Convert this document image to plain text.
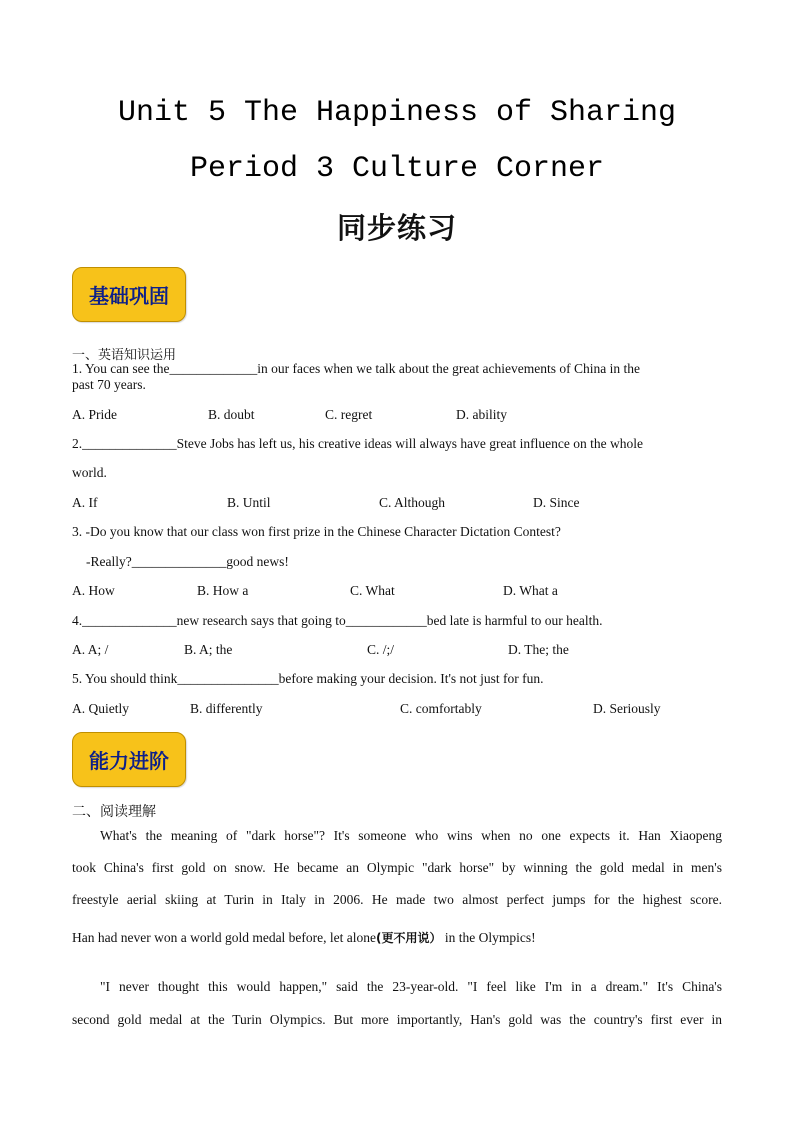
Unit 5 The Happiness of Sharing
Period 3 Culture Corner
同步练习
基础巩固
一、英语知识运用
1. You can see the_____________in our faces when we talk about the great achievements of China in the
past 70 years.
A. Pride	B. doubt	C. regret	D. ability
2.______________Steve Jobs has left us, his creative ideas will always have great influence on the whole
world.
A. If	B. Until	C. Although	D. Since
3. -Do you know that our class won first prize in the Chinese Character Dictation Contest?
-Really?______________good news!
A. How	B. How a	C. What	D. What a
4.______________new research says that going to____________bed late is harmful to our health.
A. A; /	B. A; the	C. /;/	D. The; the
5. You should think_______________before making your decision. It's not just for fun.
A. Quietly	B. differently	C. comfortably	D. Seriously
能力进阶
二、阅读理解
What's the meaning of "dark horse"? It's someone who wins when no one expects it. Han Xiaopeng
took China's first gold on snow. He became an Olympic "dark horse" by winning the gold medal in men's
freestyle aerial skiing at Turin in Italy in 2006. He made two almost perfect jumps for the highest score.
Han had never won a world gold medal before, let alone(更不用说） in the Olympics!
"I never thought this would happen," said the 23-year-old. "I feel like I'm in a dream." It's China's
second gold medal at the Turin Olympics. But more importantly, Han's gold was the country's first ever in
